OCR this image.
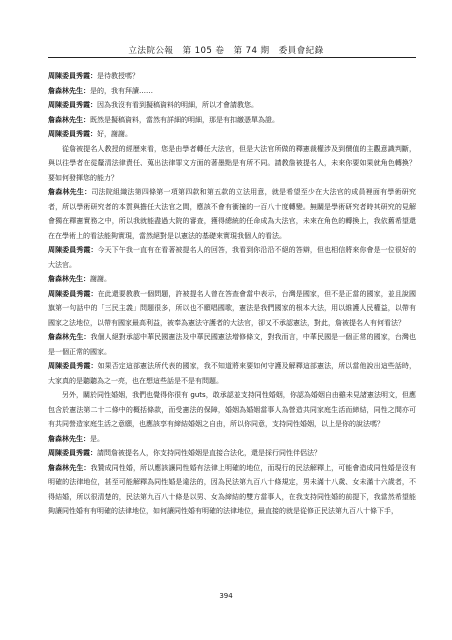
立法院公報 第 105 卷 第 74 期 委員會紀錄
周陳委員秀霞：是待教授嗎？
詹森林先生：是的，我有拜讀……
周陳委員秀霞：因為我沒有看到擬稿資料的明細，所以才會請教您。
詹森林先生：既然是擬稿資料，當然有詳細的明細，那是有扣繳憑單為證。
周陳委員秀霞：好，謝謝。
從詹被提名人教授的經歷來看，您是由學者轉任大法官，但是大法官所做的釋憲裁權涉及到價值的主觀意識判斷，與以往學者在從釐清法律責任、蒐出法律罪文方面的著墨點是有所不同。請教詹被提名人，未來你要如果就角色轉換？要如何發揮您的能力？
詹森林先生：司法院組織法第四條第一項第四款和第五款的立法用意，就是希望至少在大法官的成員裡面有學術研究者，所以學術研究者的本質與擔任大法官之間，應該不會有衝撞的一百八十度轉變。無關是學術研究者時其研究的見解會獨在釋憲實務之中，所以我就能盡過大院的審查，獲得總統的任命成為大法官，未來在角色的轉換上，我依舊希望還在在學術上的看法能夠實現，當然絕對是以憲法的基礎來實現我個人的看法。
周陳委員秀霞：今天下午我一直有在看著被提名人的回答，我看到你沿沿不絕的答辯，但也相信將來你會是一位很好的大法官。
詹森林先生：謝謝。
周陳委員秀霞：在此還要教教一個問題，許被提名人曾在答查會當中表示，台灣是國家，但不是正當的國家，並且說國旗第一句話中的「三民主義」問題很多，所以也不願唱國歌，憲法是我們國家的根本大法，用以維護人民權益，以帶有國家之法地位，以帶有國家最高利益，被奉為憲法守護者的大法官，卻又不承認憲法，對此，詹被提名人有何看法？
詹森林先生：我個人絕對承認中華民國憲法及中華民國憲法增修條文，對我而言，中華民國是一個正常的國家，台灣也是一個正常的國家。
周陳委員秀霞：如果否定這部憲法所代表的國家，我不知道將來要如何守護及解釋這部憲法，所以當他說出這些話時，大家真的是聽聽為之一亮，也在想這些話是不是有問題。
另外，關於同性婚姻，我們也覺得你很有 guts，敢承認並支持同性婚姻，你認為婚姻自由雖未見諸憲法明文，但應包含於憲法第二十二條中的概括條款，而受憲法的保障，婚姻為婚姻當事人為營造共同家庭生活而締結，同性之間亦可有共同營造家庭生活之意願，也應該享有締結婚姻之自由，所以你同意，支持同性婚姻，以上是你的說法嗎？
詹森林先生：是。
周陳委員秀霞：請問詹被提名人，你支持同性婚姻是直接合法化，還是採行同性伴侶法？
詹森林先生：我贊成同性婚，所以應該讓同性婚有法律上明確的地位，而現行的民法解釋上，可能會造成同性婚是沒有明確的法律地位，甚至可能解釋為同性婚是違法的，因為民法第九百八十條規定，男未滿十八歲、女未滿十六歲者，不得結婚，所以很清楚的，民法第九百八十條是以男、女為締結的雙方當事人，在我支持同性婚的前提下，我當然希望能夠讓同性婚有有明確的法律地位，如何讓同性婚有明確的法律地位，最直接的就是從修正民法第九百八十條下手，
394
